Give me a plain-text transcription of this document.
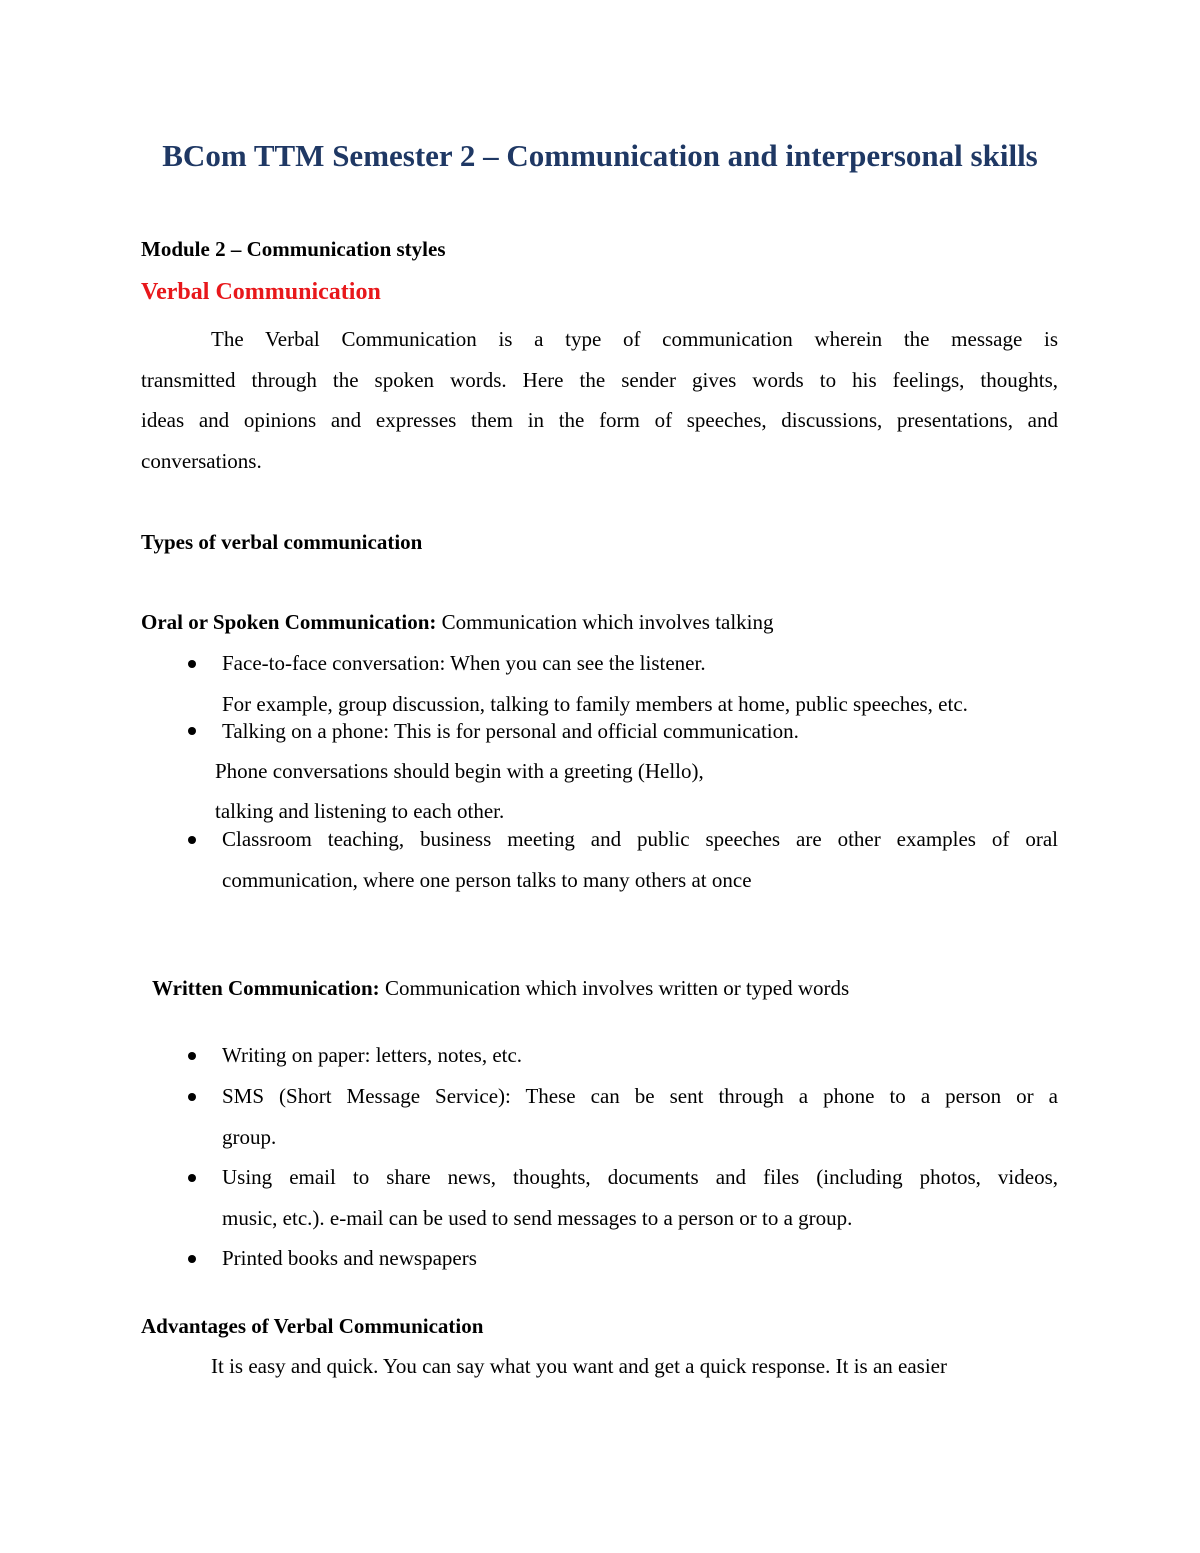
BCom TTM Semester 2 – Communication and interpersonal skills
Module 2 – Communication styles
Verbal Communication
The Verbal Communication is a type of communication wherein the message is
transmitted through the spoken words. Here the sender gives words to his feelings, thoughts,
ideas and opinions and expresses them in the form of speeches, discussions, presentations, and
conversations.
Types of verbal communication
Oral or Spoken Communication: Communication which involves talking
Face-to-face conversation: When you can see the listener.
For example, group discussion, talking to family members at home, public speeches, etc.
Talking on a phone: This is for personal and official communication.
Phone conversations should begin with a greeting (Hello),
talking and listening to each other.
Classroom teaching, business meeting and public speeches are other examples of oral
communication, where one person talks to many others at once
Written Communication: Communication which involves written or typed words
Writing on paper: letters, notes, etc.
SMS (Short Message Service): These can be sent through a phone to a person or a
group.
Using email to share news, thoughts, documents and files (including photos, videos,
music, etc.). e-mail can be used to send messages to a person or to a group.
Printed books and newspapers
Advantages of Verbal Communication
It is easy and quick. You can say what you want and get a quick response. It is an easier
